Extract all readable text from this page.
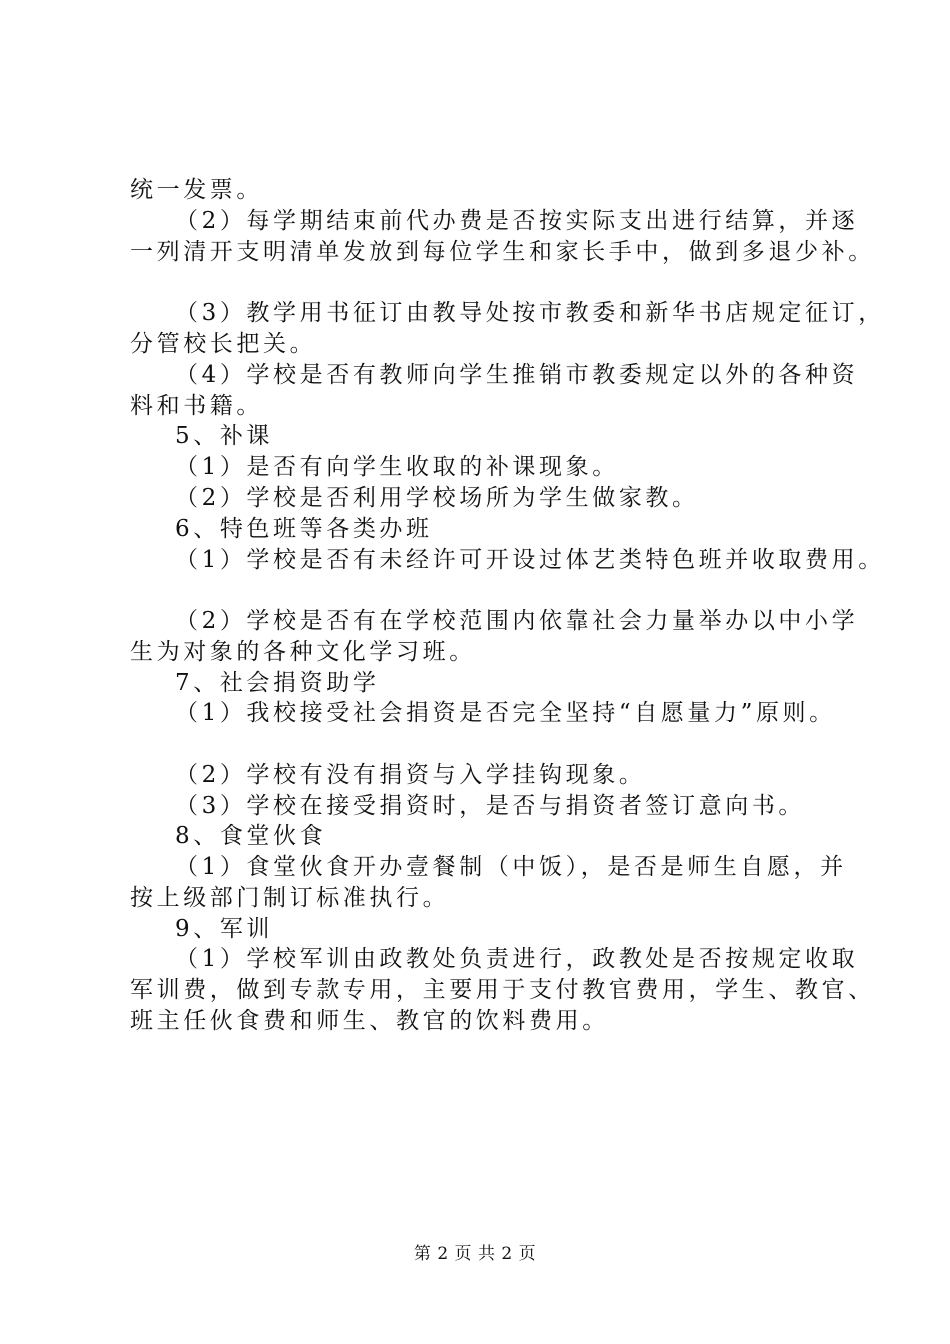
统一发票。
（2）每学期结束前代办费是否按实际支出进行结算，并逐
一列清开支明清单发放到每位学生和家长手中，做到多退少补。
（3）教学用书征订由教导处按市教委和新华书店规定征订，
分管校长把关。
（4）学校是否有教师向学生推销市教委规定以外的各种资
料和书籍。
5、补课
（1）是否有向学生收取的补课现象。
（2）学校是否利用学校场所为学生做家教。
6、特色班等各类办班
（1）学校是否有未经许可开设过体艺类特色班并收取费用。
（2）学校是否有在学校范围内依靠社会力量举办以中小学
生为对象的各种文化学习班。
7、社会捐资助学
（1）我校接受社会捐资是否完全坚持“自愿量力”原则。
（2）学校有没有捐资与入学挂钩现象。
（3）学校在接受捐资时，是否与捐资者签订意向书。
8、食堂伙食
（1）食堂伙食开办壹餐制（中饭），是否是师生自愿，并
按上级部门制订标准执行。
9、军训
（1）学校军训由政教处负责进行，政教处是否按规定收取
军训费，做到专款专用，主要用于支付教官费用，学生、教官、
班主任伙食费和师生、教官的饮料费用。
第 2 页 共 2 页
